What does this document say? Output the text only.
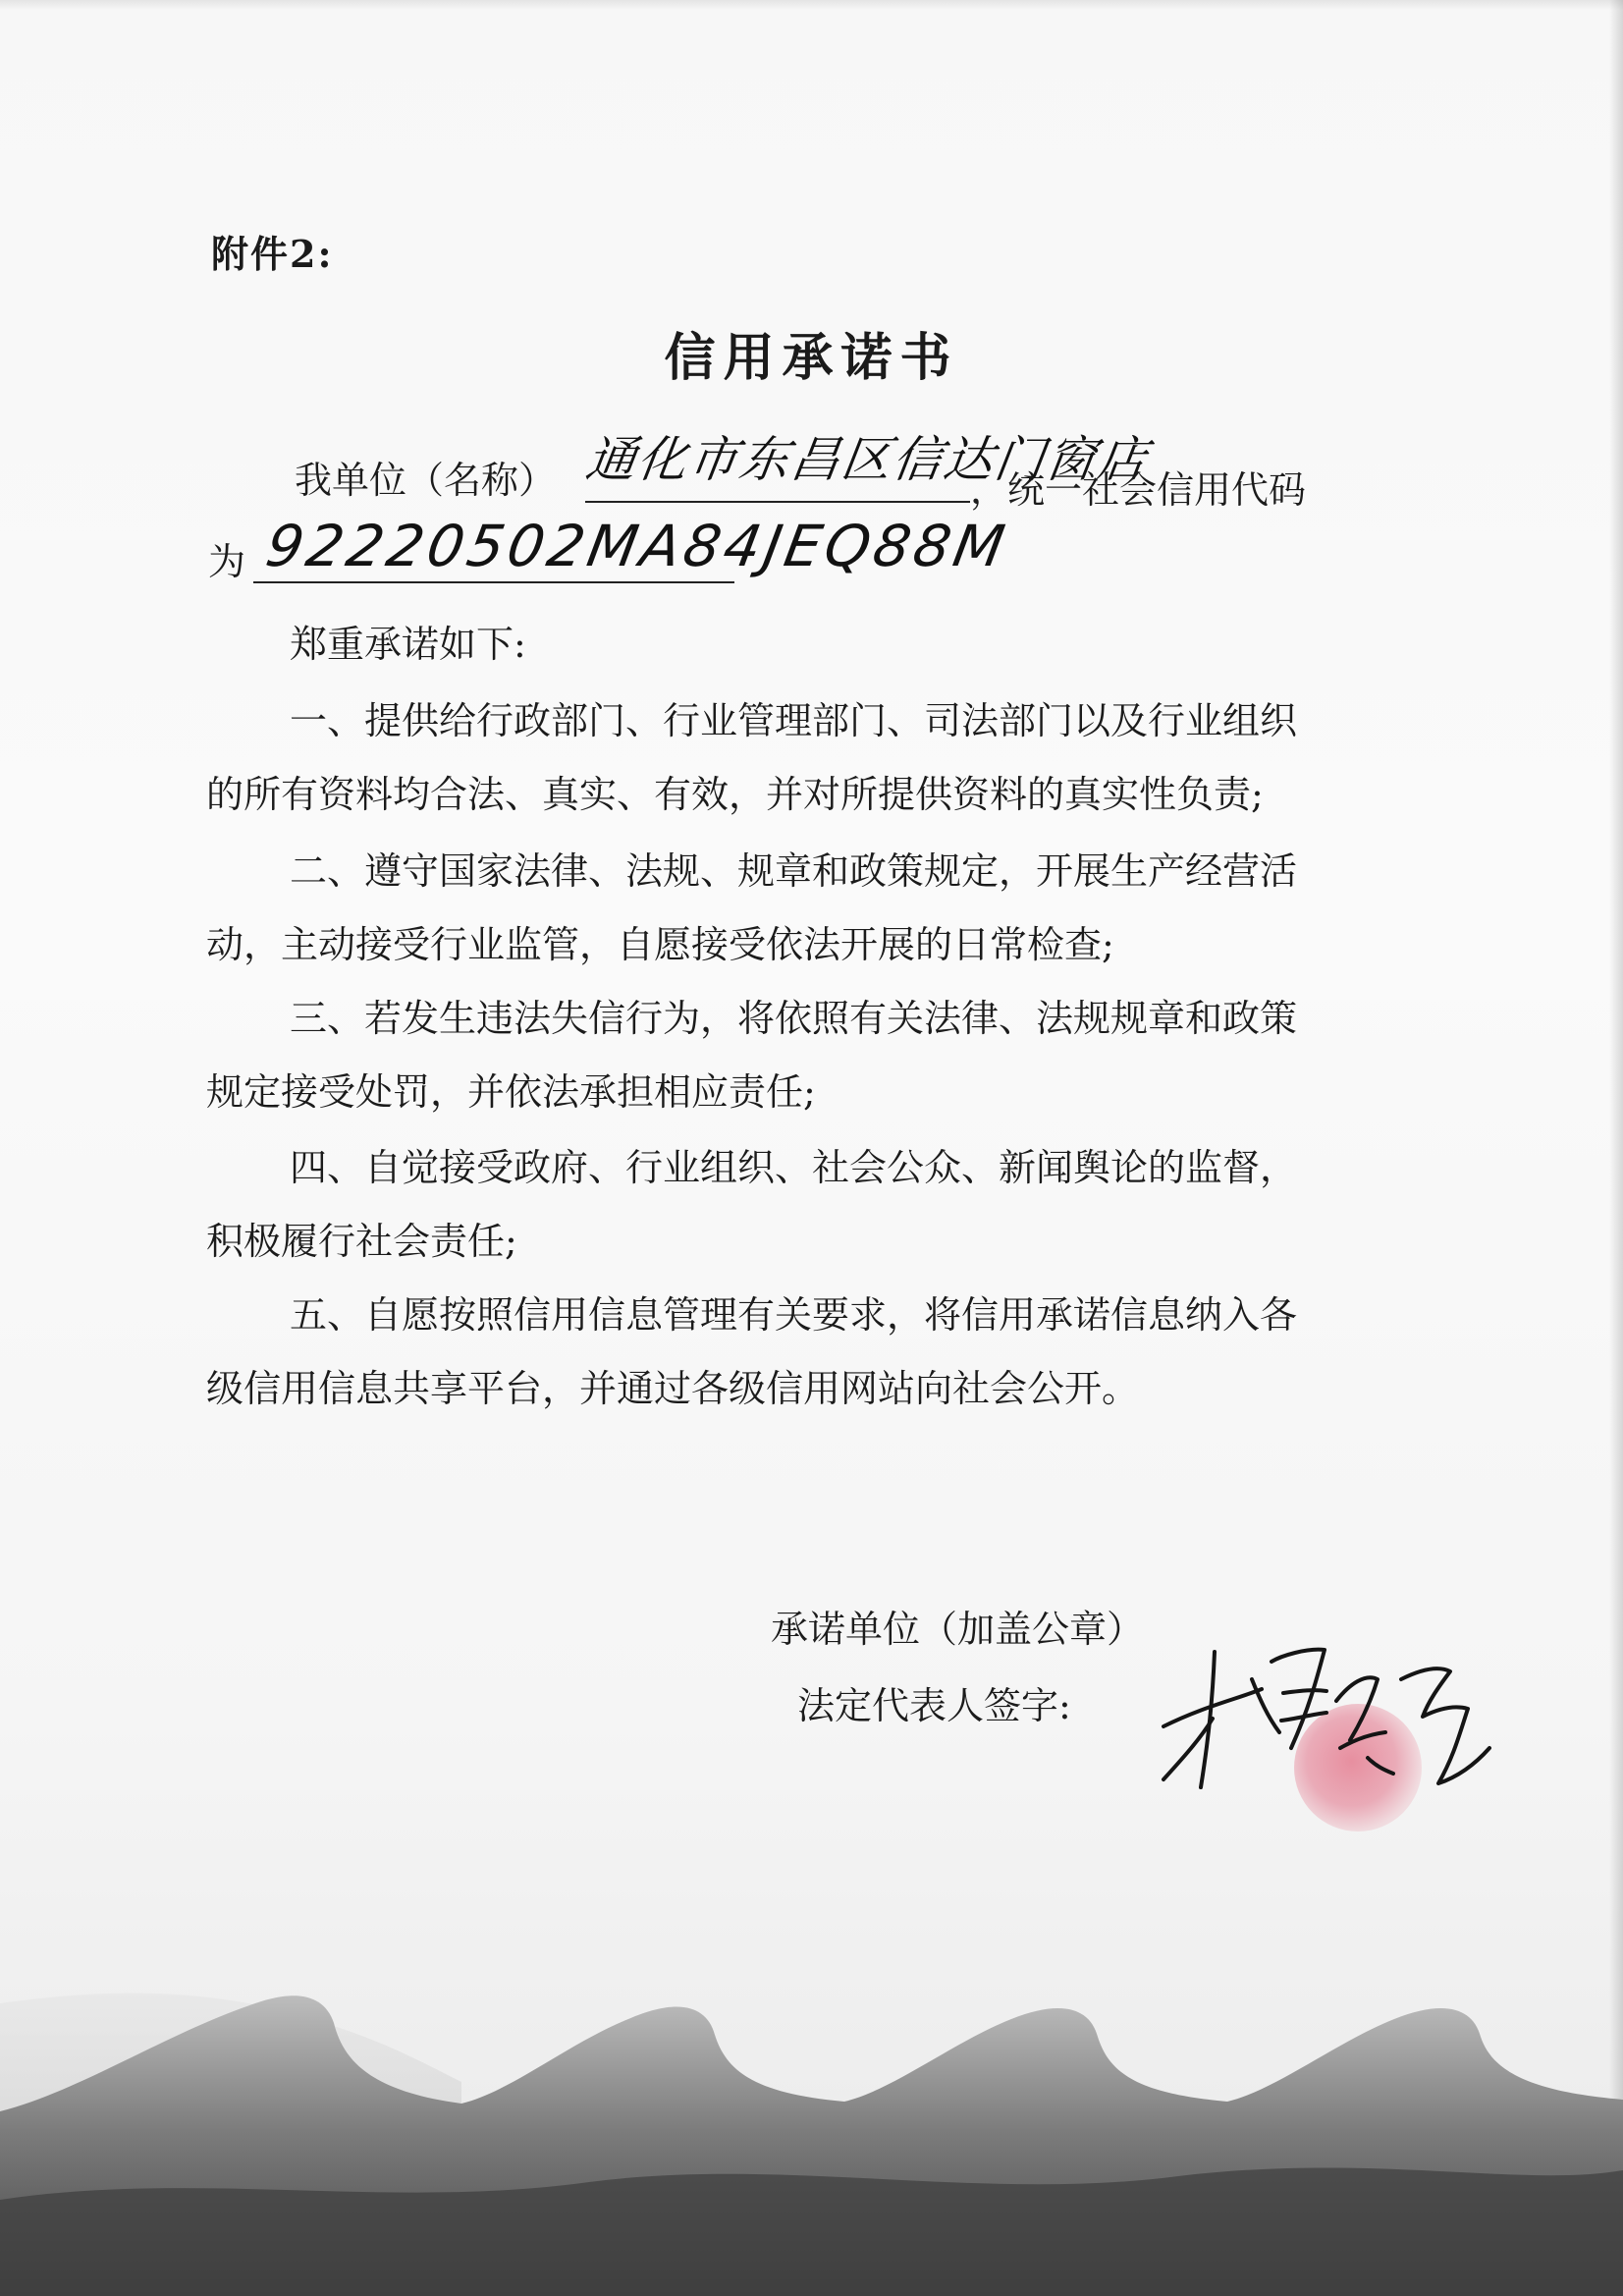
附件2:
信用承诺书
我单位（名称） 通化市东昌区信达门窗店
，统一社会信用代码
为 92220502MA84JEQ88M
郑重承诺如下:
一、提供给行政部门、行业管理部门、司法部门以及行业组织
的所有资料均合法、真实、有效，并对所提供资料的真实性负责;
二、遵守国家法律、法规、规章和政策规定，开展生产经营活
动，主动接受行业监管，自愿接受依法开展的日常检查;
三、若发生违法失信行为，将依照有关法律、法规规章和政策
规定接受处罚，并依法承担相应责任;
四、自觉接受政府、行业组织、社会公众、新闻舆论的监督，
积极履行社会责任;
五、自愿按照信用信息管理有关要求，将信用承诺信息纳入各
级信用信息共享平台，并通过各级信用网站向社会公开。
承诺单位（加盖公章）
法定代表人签字:
